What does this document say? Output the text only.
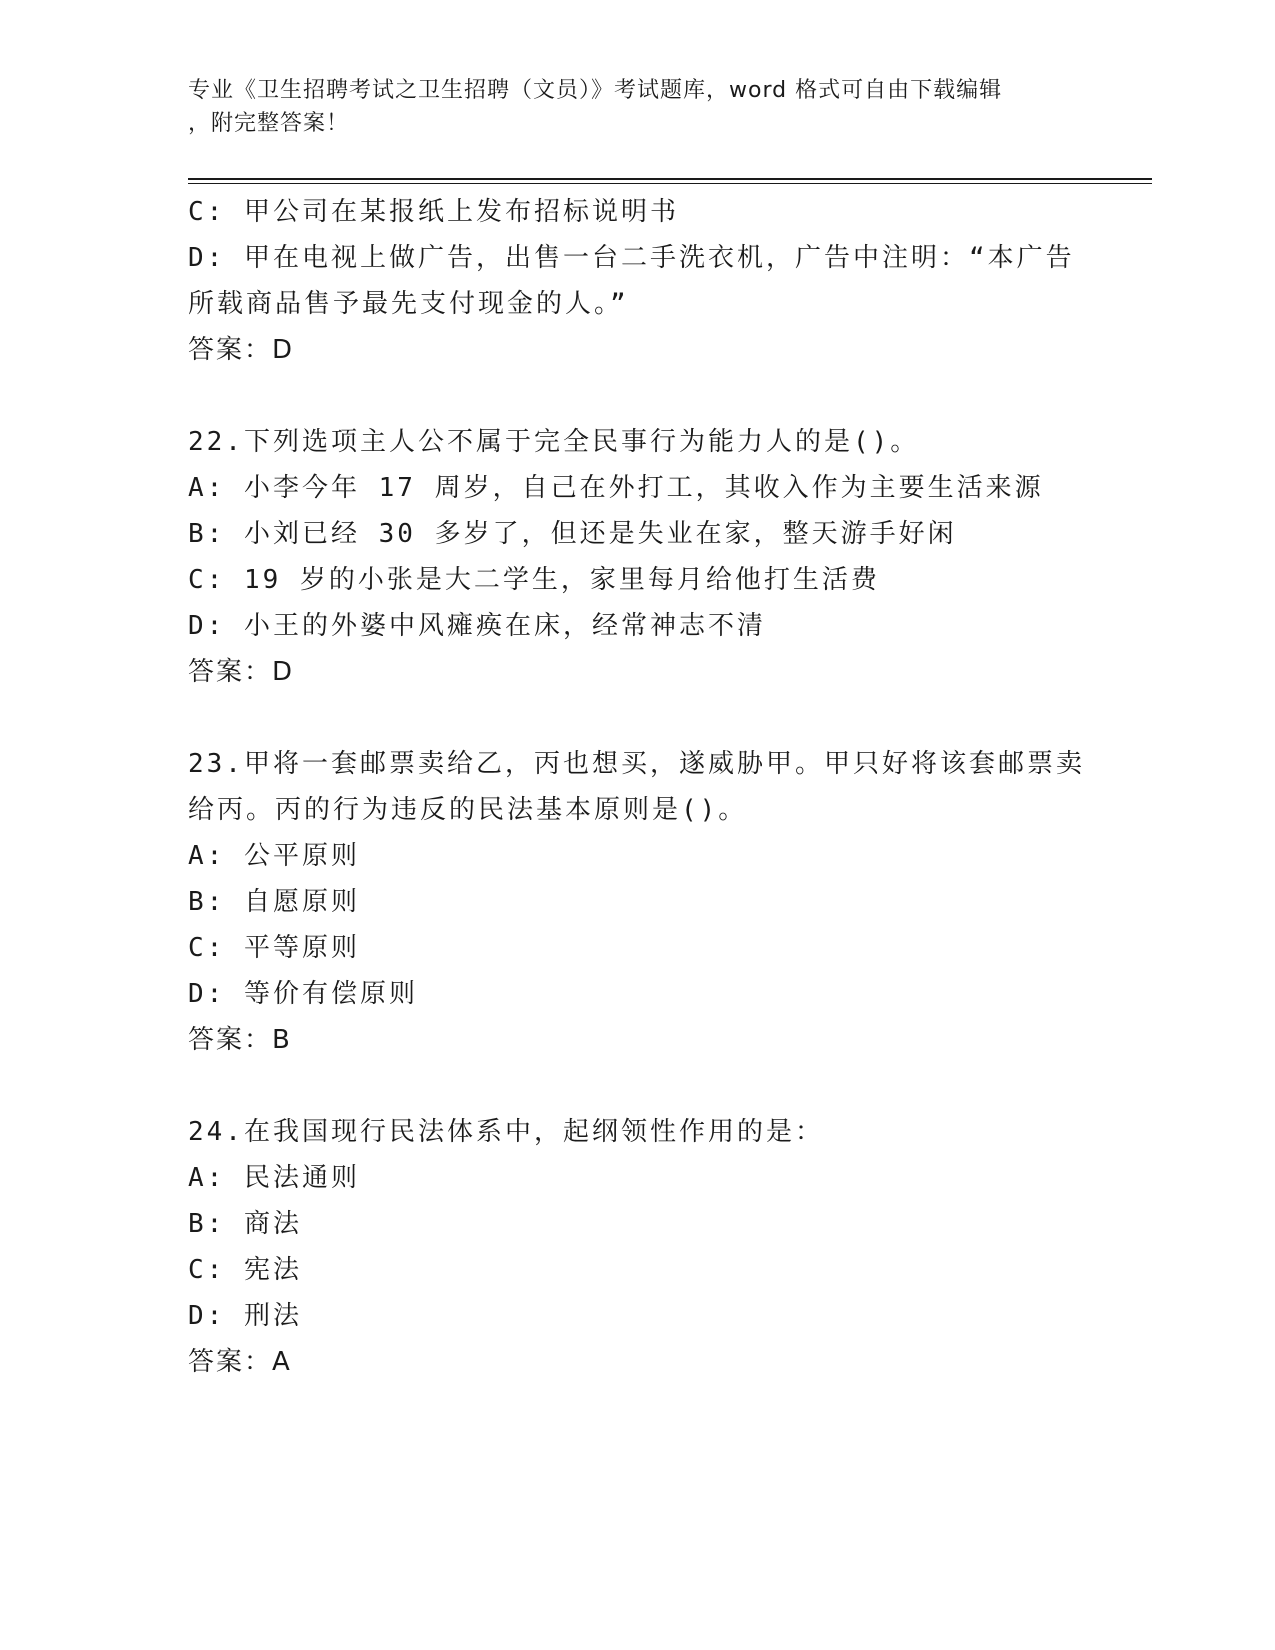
专业《卫生招聘考试之卫生招聘（文员）》考试题库，word 格式可自由下载编辑
，附完整答案！
C: 甲公司在某报纸上发布招标说明书
D: 甲在电视上做广告，出售一台二手洗衣机，广告中注明：“本广告
所载商品售予最先支付现金的人。”
答案：D
22.下列选项主人公不属于完全民事行为能力人的是()。
A: 小李今年 17 周岁，自己在外打工，其收入作为主要生活来源
B: 小刘已经 30 多岁了，但还是失业在家，整天游手好闲
C: 19 岁的小张是大二学生，家里每月给他打生活费
D: 小王的外婆中风瘫痪在床，经常神志不清
答案：D
23.甲将一套邮票卖给乙，丙也想买，遂威胁甲。甲只好将该套邮票卖
给丙。丙的行为违反的民法基本原则是()。
A: 公平原则
B: 自愿原则
C: 平等原则
D: 等价有偿原则
答案：B
24.在我国现行民法体系中，起纲领性作用的是：
A: 民法通则
B: 商法
C: 宪法
D: 刑法
答案：A
